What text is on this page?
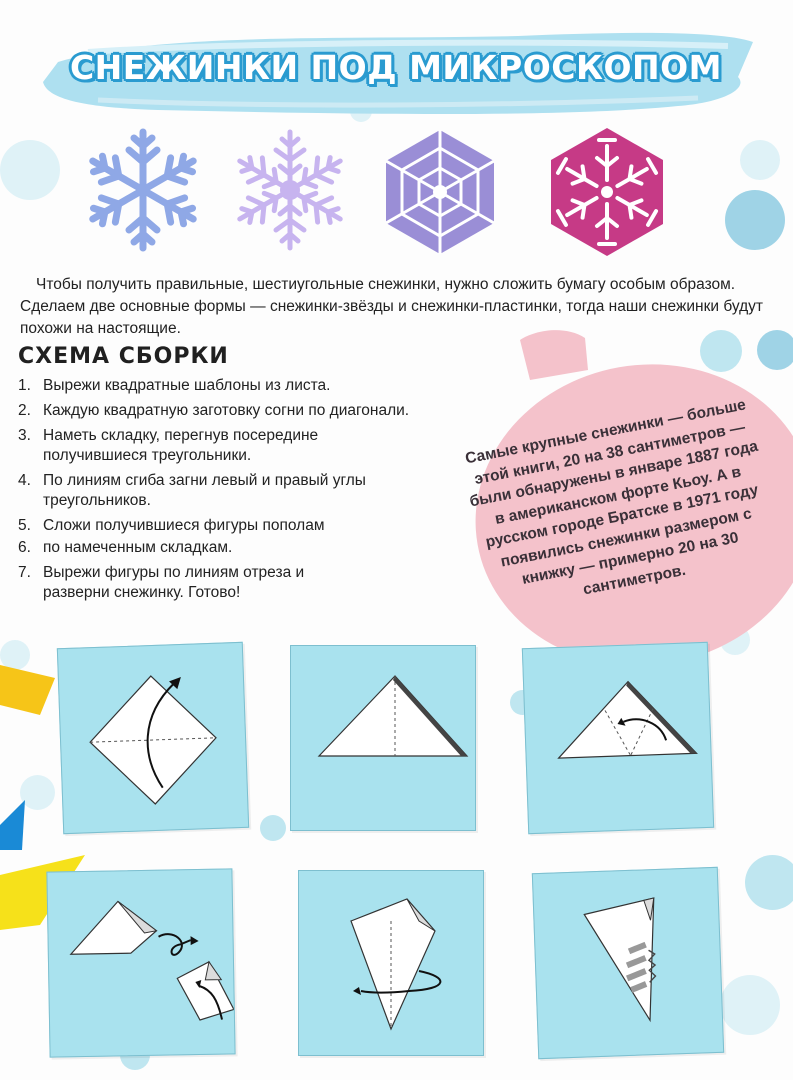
СНЕЖИНКИ ПОД МИКРОСКОПОМ

Чтобы получить правильные, шестиугольные снежинки, нужно сложить бумагу особым образом. Сделаем две основные формы — снежинки-звёзды и снежинки-пластинки, тогда наши снежинки будут похожи на настоящие.

СХЕМА СБОРКИ
1. Вырежи квадратные шаблоны из листа.
2. Каждую квадратную заготовку согни по диагонали.
3. Наметь складку, перегнув посередине получившиеся треугольники.
4. По линиям сгиба загни левый и правый углы треугольников.
5. Сложи получившиеся фигуры пополам
6. по намеченным складкам.
7. Вырежи фигуры по линиям отреза и разверни снежинку. Готово!
Самые крупные снежинки — больше этой книги, 20 на 38 сантиметров — были обнаружены в январе 1887 года в американском форте Кьоу. А в русском городе Братске в 1971 году появились снежинки размером с книжку — примерно 20 на 30 сантиметров.
